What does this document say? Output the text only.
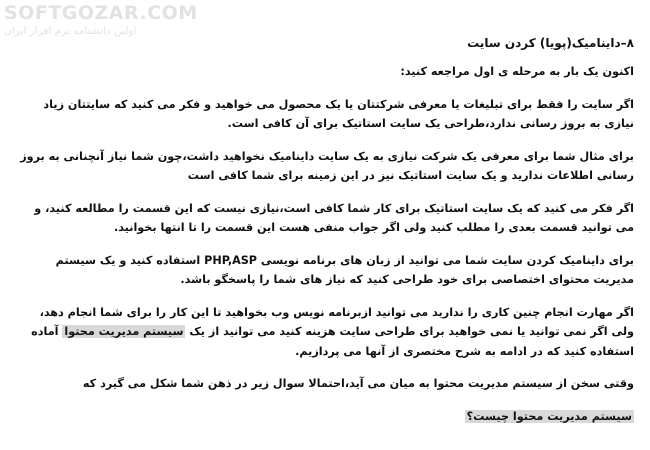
SOFTGOZAR.COM
اولین دانشنامه نرم افزار ایران
۸–داینامیک(پویا) کردن سایت

اکنون یک بار به مرحله ی اول مراجعه کنید:

اگر سایت را فقط برای تبلیغات یا معرفی شرکتتان یا یک محصول می خواهید و فکر می کنید که سایتتان زیاد نیازی به بروز رسانی ندارد،طراحی یک سایت استاتیک برای آن کافی است.

برای مثال شما برای معرفی یک شرکت نیازی به یک سایت داینامیک نخواهید داشت،چون شما نیاز آنچنانی به بروز رسانی اطلاعات ندارید و یک سایت استاتیک نیز در این زمینه برای شما کافی است

اگر فکر می کنید که یک سایت استاتیک برای کار شما کافی است،نیازی نیست که این قسمت را مطالعه کنید، و می توانید قسمت بعدی را مطلب کنید ولی اگر جواب منفی هست این قسمت را تا انتها بخوانید.

برای داینامیک کردن سایت شما می توانید از زبان های برنامه نویسی PHP,ASP استفاده کنید و یک سیستم مدیریت محتوای اختصاصی برای خود طراحی کنید که نیاز های شما را پاسخگو باشد.

اگر مهارت انجام چنین کاری را ندارید می توانید ازبرنامه نویس وب بخواهید تا این کار را برای شما انجام دهد، ولی اگر نمی توانید یا نمی خواهید برای طراحی سایت هزینه کنید می توانید از یک سیستم مدیریت محتوا آماده استفاده کنید که در ادامه به شرح مختصری از آنها می پردازیم.

وقتی سخن از سیستم مدیریت محتوا به میان می آید،احتمالا سوال زیر در ذهن شما شکل می گیرد که

سیستم مدیریت محتوا چیست؟
